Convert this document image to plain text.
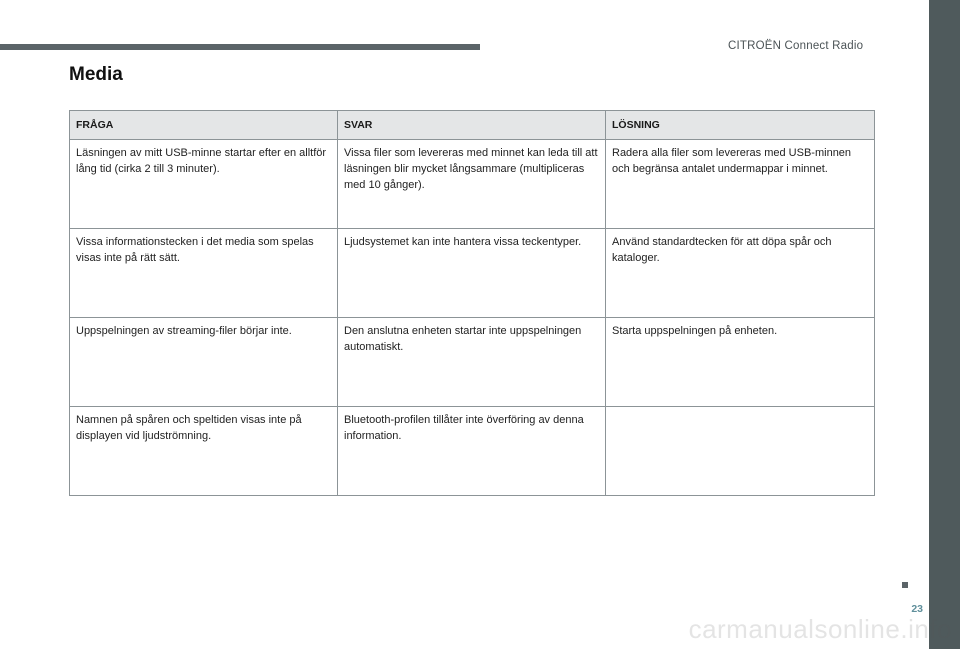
CITROËN Connect Radio
Media
FRÅGA	SVAR	LÖSNING
Läsningen av mitt USB-minne startar efter en alltför lång tid (cirka 2 till 3 minuter).	Vissa filer som levereras med minnet kan leda till att läsningen blir mycket långsammare (multipliceras med 10 gånger).	Radera alla filer som levereras med USB-minnen och begränsa antalet undermappar i minnet.
Vissa informationstecken i det media som spelas visas inte på rätt sätt.	Ljudsystemet kan inte hantera vissa teckentyper.	Använd standardtecken för att döpa spår och kataloger.
Uppspelningen av streaming-filer börjar inte.	Den anslutna enheten startar inte uppspelningen automatiskt.	Starta uppspelningen på enheten.
Namnen på spåren och speltiden visas inte på displayen vid ljudströmning.	Bluetooth-profilen tillåter inte överföring av denna information.	
23
carmanualsonline.info
